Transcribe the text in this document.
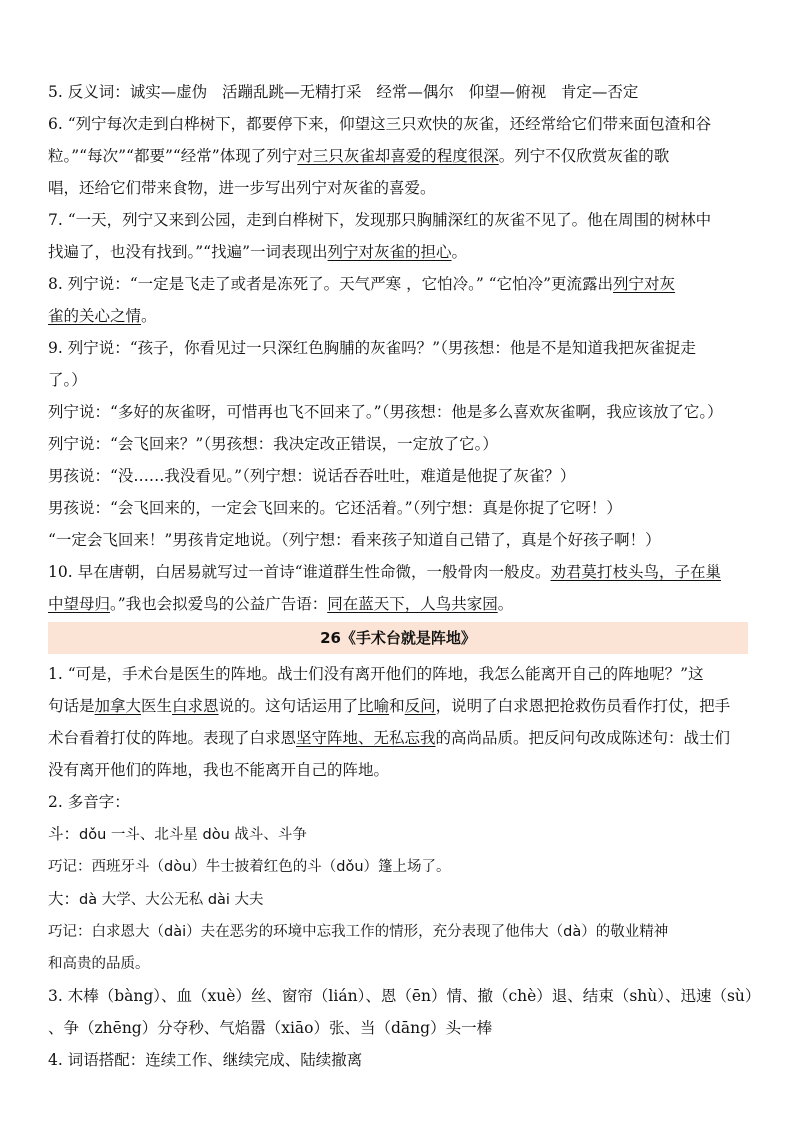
5. 反义词：诚实—虚伪 活蹦乱跳—无精打采 经常—偶尔 仰望—俯视 肯定—否定

6. “列宁每次走到白桦树下，都要停下来，仰望这三只欢快的灰雀，还经常给它们带来面包渣和谷

粒。”“每次”“都要”“经常”体现了列宁对三只灰雀却喜爱的程度很深。列宁不仅欣赏灰雀的歌

唱，还给它们带来食物，进一步写出列宁对灰雀的喜爱。

7. “一天，列宁又来到公园，走到白桦树下，发现那只胸脯深红的灰雀不见了。他在周围的树林中

找遍了，也没有找到。”“找遍”一词表现出列宁对灰雀的担心。

8. 列宁说：“一定是飞走了或者是冻死了。天气严寒 ，它怕冷。” “它怕冷”更流露出列宁对灰

雀的关心之情。

9. 列宁说：“孩子，你看见过一只深红色胸脯的灰雀吗？”（男孩想：他是不是知道我把灰雀捉走

了。）

列宁说：“多好的灰雀呀，可惜再也飞不回来了。”（男孩想：他是多么喜欢灰雀啊，我应该放了它。）

列宁说：“会飞回来？”（男孩想：我决定改正错误，一定放了它。）

男孩说：“没……我没看见。”（列宁想：说话吞吞吐吐，难道是他捉了灰雀？）

男孩说：“会飞回来的，一定会飞回来的。它还活着。”（列宁想：真是你捉了它呀！）

“一定会飞回来！”男孩肯定地说。（列宁想：看来孩子知道自己错了，真是个好孩子啊！）

10. 早在唐朝，白居易就写过一首诗“谁道群生性命微，一般骨肉一般皮。劝君莫打枝头鸟，子在巢

中望母归。”我也会拟爱鸟的公益广告语：同在蓝天下，人鸟共家园。

26《手术台就是阵地》

1. “可是，手术台是医生的阵地。战士们没有离开他们的阵地，我怎么能离开自己的阵地呢？”这

句话是加拿大医生白求恩说的。这句话运用了比喻和反问，说明了白求恩把抢救伤员看作打仗，把手

术台看着打仗的阵地。表现了白求恩坚守阵地、无私忘我的高尚品质。把反问句改成陈述句：战士们

没有离开他们的阵地，我也不能离开自己的阵地。

2. 多音字：

斗：dǒu 一斗、北斗星 dòu 战斗、斗争

巧记：西班牙斗（dòu）牛士披着红色的斗（dǒu）篷上场了。

大：dà 大学、大公无私 dài 大夫

巧记：白求恩大（dài）夫在恶劣的环境中忘我工作的情形，充分表现了他伟大（dà）的敬业精神

和高贵的品质。

3. 木棒（bàng）、血（xuè）丝、窗帘（lián）、恩（ēn）情、撤（chè）退、结束（shù）、迅速（sù）

、争（zhēng）分夺秒、气焰嚣（xiāo）张、当（dāng）头一棒

4. 词语搭配：连续工作、继续完成、陆续撤离
